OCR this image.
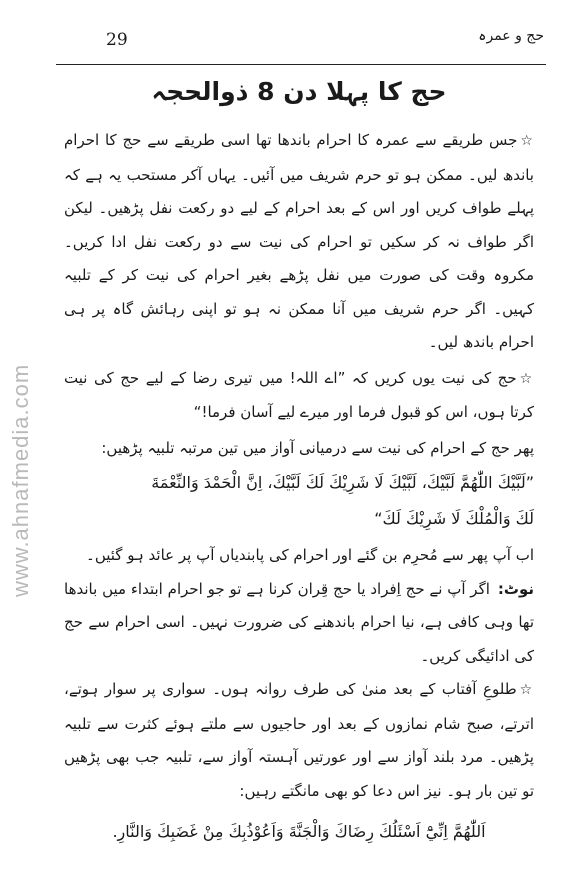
29	حج و عمرہ
www.ahnafmedia.com
حج کا پہلا دن 8 ذوالحجہ

☆جس طریقے سے عمرہ کا احرام باندھا تھا اسی طریقے سے حج کا احرام باندھ لیں۔ ممکن ہو تو حرم شریف میں آئیں۔ یہاں آکر مستحب یہ ہے کہ پہلے طواف کریں اور اس کے بعد احرام کے لیے دو رکعت نفل پڑھیں۔ لیکن اگر طواف نہ کر سکیں تو احرام کی نیت سے دو رکعت نفل ادا کریں۔ مکروہ وقت کی صورت میں نفل پڑھے بغیر احرام کی نیت کر کے تلبیہ کہیں۔ اگر حرم شریف میں آنا ممکن نہ ہو تو اپنی رہائش گاہ پر ہی احرام باندھ لیں۔

☆حج کی نیت یوں کریں کہ ”اے اللہ! میں تیری رضا کے لیے حج کی نیت کرتا ہوں، اس کو قبول فرما اور میرے لیے آسان فرما!“

پھر حج کے احرام کی نیت سے درمیانی آواز میں تین مرتبہ تلبیہ پڑھیں:

”لَبَّيْكَ اللّٰهُمَّ لَبَّيْكَ، لَبَّيْكَ لَا شَرِيْكَ لَكَ لَبَّيْكَ، اِنَّ الْحَمْدَ وَالنِّعْمَةَ

لَكَ وَالْمُلْكَ لَا شَرِيْكَ لَكَ“

اب آپ پھر سے مُحرِم بن گئے اور احرام کی پابندیاں آپ پر عائد ہو گئیں۔

نوٹ:اگر آپ نے حج اِفراد یا حج قِران کرنا ہے تو جو احرام ابتداء میں باندھا تھا وہی کافی ہے، نیا احرام باندھنے کی ضرورت نہیں۔ اسی احرام سے حج کی ادائیگی کریں۔

☆طلوعِ آفتاب کے بعد منیٰ کی طرف روانہ ہوں۔ سواری پر سوار ہوتے، اترتے، صبح شام نمازوں کے بعد اور حاجیوں سے ملتے ہوئے کثرت سے تلبیہ پڑھیں۔ مرد بلند آواز سے اور عورتیں آہستہ آواز سے، تلبیہ جب بھی پڑھیں تو تین بار ہو۔ نیز اس دعا کو بھی مانگتے رہیں:

اَللّٰهُمَّ اِنِّيْٓ اَسْئَلُكَ رِضَاكَ وَالْجَنَّةَ وَاَعُوْذُبِكَ مِنْ غَضَبِكَ وَالنَّارِ.
